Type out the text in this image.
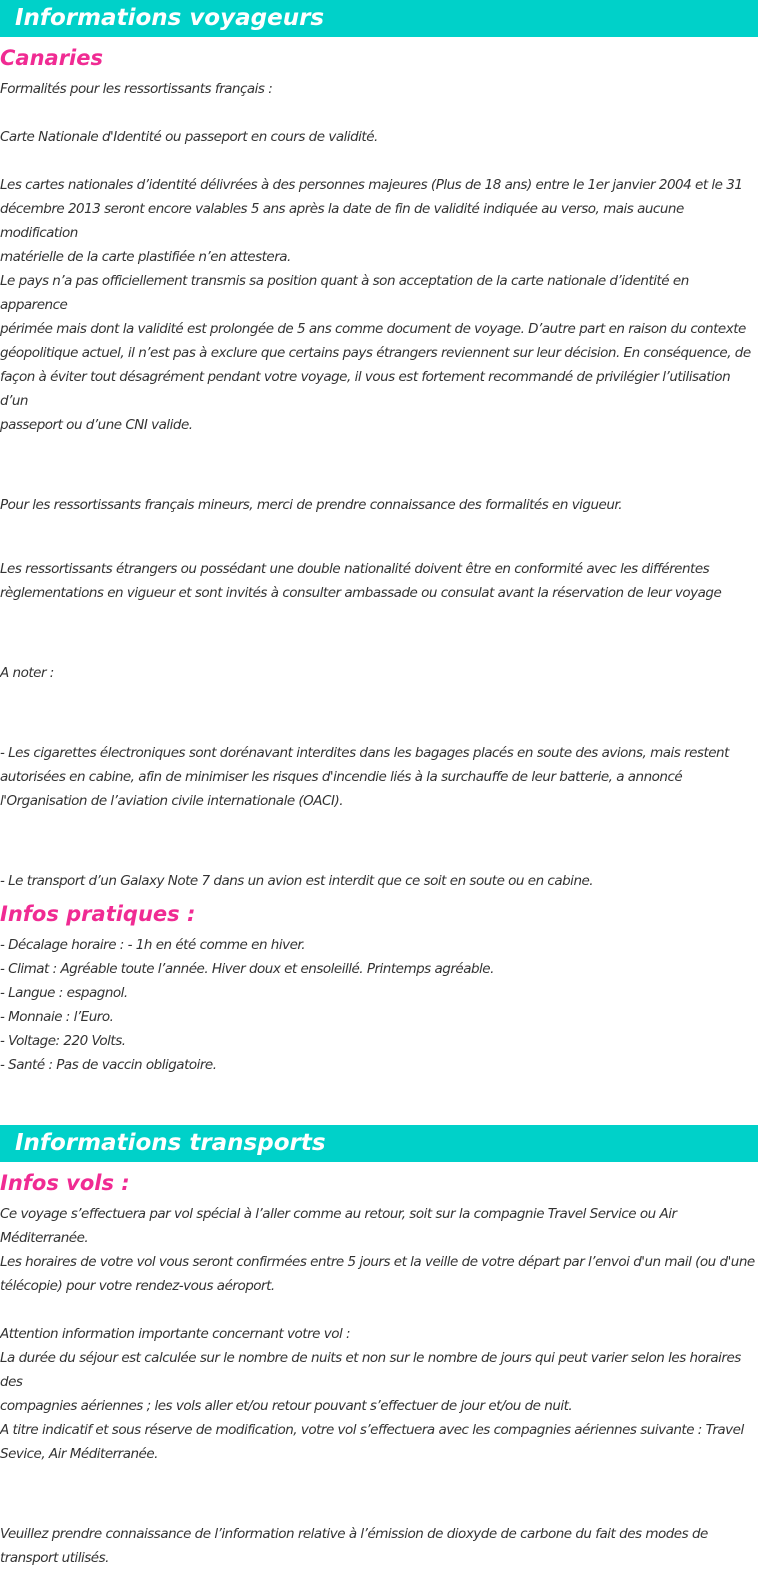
Informations voyageurs
Canaries
Formalités pour les ressortissants français :
Carte Nationale d'Identité ou passeport en cours de validité.
Les cartes nationales d’identité délivrées à des personnes majeures (Plus de 18 ans) entre le 1er janvier 2004 et le 31
décembre 2013 seront encore valables 5 ans après la date de fin de validité indiquée au verso, mais aucune modification
matérielle de la carte plastifiée n’en attestera.
Le pays n’a pas officiellement transmis sa position quant à son acceptation de la carte nationale d’identité en apparence
périmée mais dont la validité est prolongée de 5 ans comme document de voyage. D’autre part en raison du contexte
géopolitique actuel, il n’est pas à exclure que certains pays étrangers reviennent sur leur décision. En conséquence, de
façon à éviter tout désagrément pendant votre voyage, il vous est fortement recommandé de privilégier l’utilisation d’un
passeport ou d’une CNI valide.
Pour les ressortissants français mineurs, merci de prendre connaissance des formalités en vigueur.
Les ressortissants étrangers ou possédant une double nationalité doivent être en conformité avec les différentes
règlementations en vigueur et sont invités à consulter ambassade ou consulat avant la réservation de leur voyage
A noter :
- Les cigarettes électroniques sont dorénavant interdites dans les bagages placés en soute des avions, mais restent
autorisées en cabine, afin de minimiser les risques d'incendie liés à la surchauffe de leur batterie, a annoncé
l'Organisation de l’aviation civile internationale (OACI).
- Le transport d’un Galaxy Note 7 dans un avion est interdit que ce soit en soute ou en cabine.
Infos pratiques :
- Décalage horaire : - 1h en été comme en hiver.
- Climat : Agréable toute l’année. Hiver doux et ensoleillé. Printemps agréable.
- Langue : espagnol.
- Monnaie : l’Euro.
- Voltage: 220 Volts.
- Santé : Pas de vaccin obligatoire.
Informations transports
Infos vols :
Ce voyage s’effectuera par vol spécial à l’aller comme au retour, soit sur la compagnie Travel Service ou Air
Méditerranée.
Les horaires de votre vol vous seront confirmées entre 5 jours et la veille de votre départ par l’envoi d'un mail (ou d'une
télécopie) pour votre rendez-vous aéroport.
Attention information importante concernant votre vol :
La durée du séjour est calculée sur le nombre de nuits et non sur le nombre de jours qui peut varier selon les horaires des
compagnies aériennes ; les vols aller et/ou retour pouvant s’effectuer de jour et/ou de nuit.
A titre indicatif et sous réserve de modification, votre vol s’effectuera avec les compagnies aériennes suivante : Travel
Sevice, Air Méditerranée.
Veuillez prendre connaissance de l’information relative à l’émission de dioxyde de carbone du fait des modes de
transport utilisés.
